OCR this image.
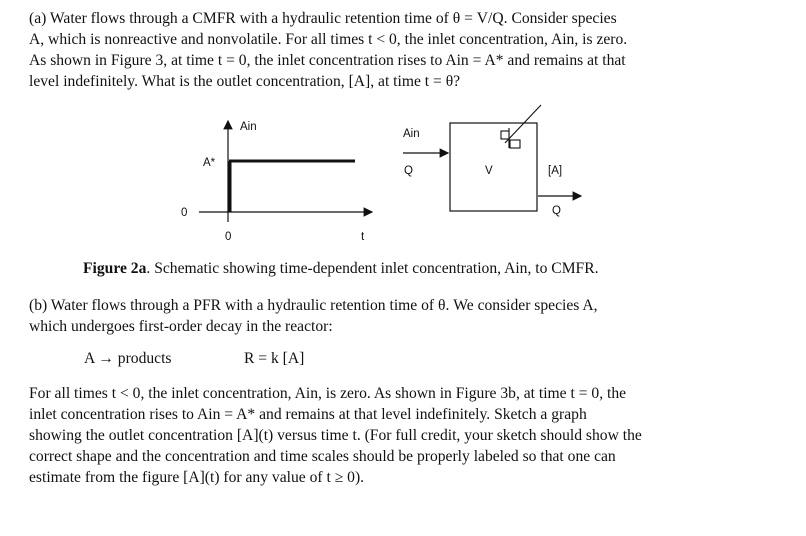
(a) Water flows through a CMFR with a hydraulic retention time of θ = V/Q. Consider species
A, which is nonreactive and nonvolatile. For all times t < 0, the inlet concentration, Ain, is zero.
As shown in Figure 3, at time t = 0, the inlet concentration rises to Ain = A* and remains at that
level indefinitely. What is the outlet concentration, [A], at time t = θ?
Ain
A*
0
0	t
Ain
Q	V	[A]
Q
Figure 2a. Schematic showing time-dependent inlet concentration, Ain, to CMFR.
(b) Water flows through a PFR with a hydraulic retention time of θ. We consider species A,
which undergoes first-order decay in the reactor:
A → products	R = k [A]
For all times t < 0, the inlet concentration, Ain, is zero. As shown in Figure 3b, at time t = 0, the
inlet concentration rises to Ain = A* and remains at that level indefinitely. Sketch a graph
showing the outlet concentration [A](t) versus time t. (For full credit, your sketch should show the
correct shape and the concentration and time scales should be properly labeled so that one can
estimate from the figure [A](t) for any value of t ≥ 0).
